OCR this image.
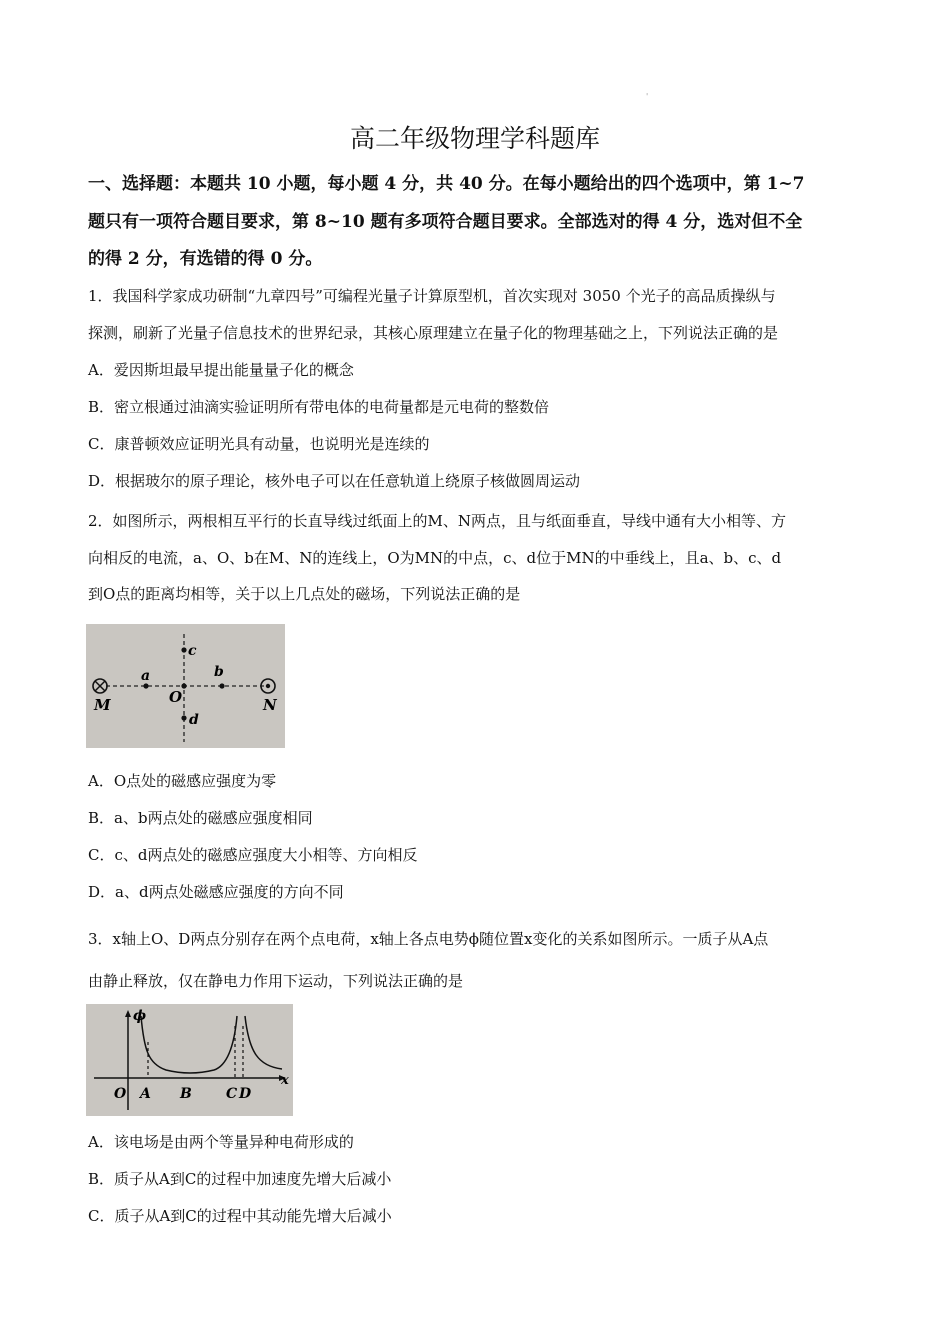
'
高二年级物理学科题库
一、选择题：本题共 10 小题，每小题 4 分，共 40 分。在每小题给出的四个选项中，第 1~7
题只有一项符合题目要求，第 8~10 题有多项符合题目要求。全部选对的得 4 分，选对但不全
的得 2 分，有选错的得 0 分。
1．我国科学家成功研制“九章四号”可编程光量子计算原型机，首次实现对 3050 个光子的高品质操纵与
探测，刷新了光量子信息技术的世界纪录，其核心原理建立在量子化的物理基础之上，下列说法正确的是
A．爱因斯坦最早提出能量量子化的概念
B．密立根通过油滴实验证明所有带电体的电荷量都是元电荷的整数倍
C．康普顿效应证明光具有动量，也说明光是连续的
D．根据玻尔的原子理论，核外电子可以在任意轨道上绕原子核做圆周运动
2．如图所示，两根相互平行的长直导线过纸面上的M、N两点，且与纸面垂直，导线中通有大小相等、方
向相反的电流，a、O、b在M、N的连线上，O为MN的中点，c、d位于MN的中垂线上，且a、b、c、d
到O点的距离均相等，关于以上几点处的磁场，下列说法正确的是
M	N
a	b
c
d
O
A．O点处的磁感应强度为零
B．a、b两点处的磁感应强度相同
C．c、d两点处的磁感应强度大小相等、方向相反
D．a、d两点处磁感应强度的方向不同
3．x轴上O、D两点分别存在两个点电荷，x轴上各点电势ϕ随位置x变化的关系如图所示。一质子从A点
由静止释放，仅在静电力作用下运动，下列说法正确的是
ϕ
x
O A B C D
A．该电场是由两个等量异种电荷形成的
B．质子从A到C的过程中加速度先增大后减小
C．质子从A到C的过程中其动能先增大后减小
